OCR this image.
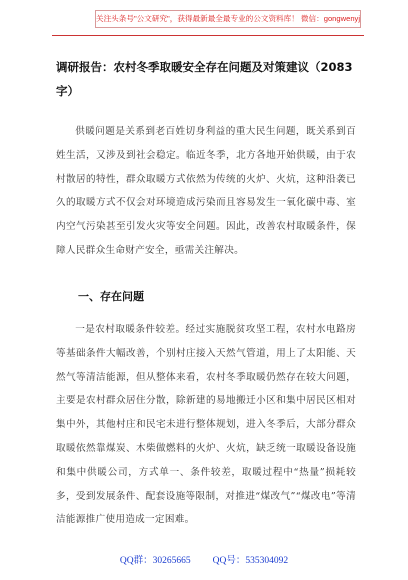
关注头条号"公文研究"，获得最新最全最专业的公文资料库！ 微信：gongwenyj
调研报告：农村冬季取暖安全存在问题及对策建议（2083字）

供暖问题是关系到老百姓切身利益的重大民生问题，既关系到百姓生活，又涉及到社会稳定。临近冬季，北方各地开始供暖，由于农村散居的特性，群众取暖方式依然为传统的火炉、火炕，这种沿袭已久的取暖方式不仅会对环境造成污染而且容易发生一氧化碳中毒、室内空气污染甚至引发火灾等安全问题。因此，改善农村取暖条件，保障人民群众生命财产安全，亟需关注解决。

一、存在问题

一是农村取暖条件较差。经过实施脱贫攻坚工程，农村水电路房等基础条件大幅改善，个别村庄接入天然气管道，用上了太阳能、天然气等清洁能源，但从整体来看，农村冬季取暖仍然存在较大问题，主要是农村群众居住分散，除新建的易地搬迁小区和集中居民区相对集中外，其他村庄和民宅未进行整体规划，进入冬季后，大部分群众取暖依然靠煤炭、木柴做燃料的火炉、火炕，缺乏统一取暖设备设施和集中供暖公司，方式单一、条件较差，取暖过程中“热量”损耗较多，受到发展条件、配套设施等限制，对推进“煤改气”“煤改电”等清洁能源推广使用造成一定困难。

QQ群：30265665 QQ号：535304092
